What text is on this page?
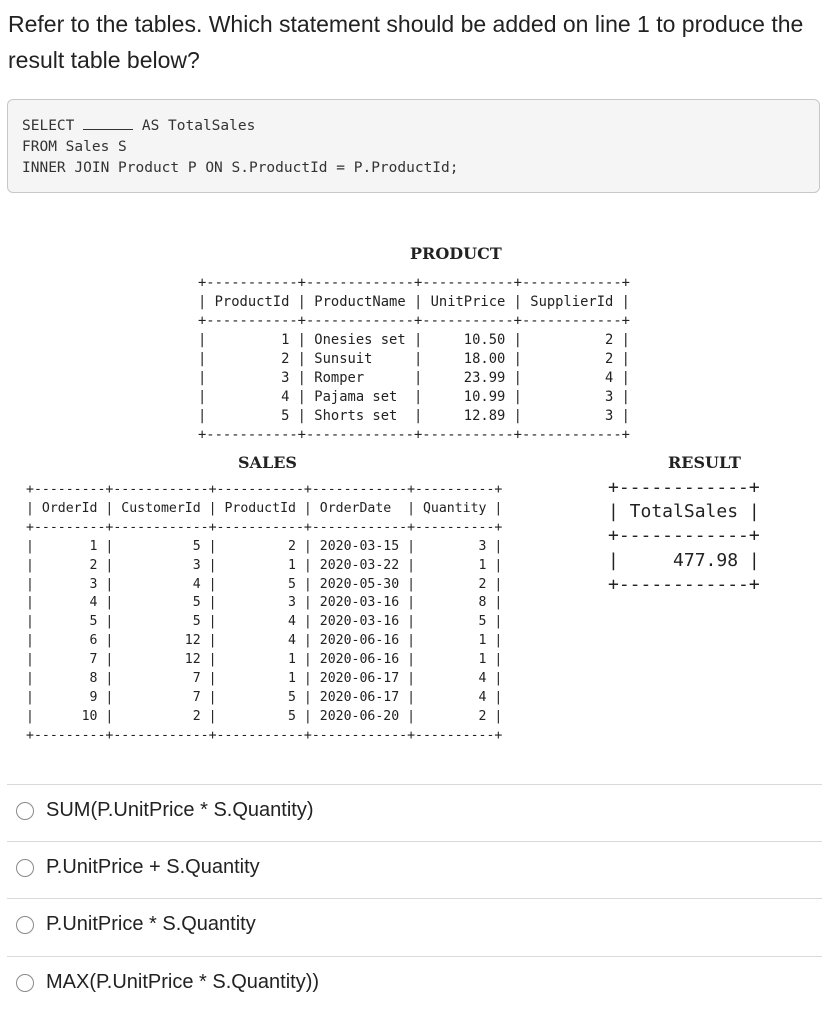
Refer to the tables. Which statement should be added on line 1 to produce the result table below?
SELECT	AS TotalSales
FROM Sales S
INNER JOIN Product P ON S.ProductId = P.ProductId;
PRODUCT
+-----------+-------------+-----------+------------+
| ProductId | ProductName | UnitPrice | SupplierId |
+-----------+-------------+-----------+------------+
|         1 | Onesies set |     10.50 |          2 |
|         2 | Sunsuit     |     18.00 |          2 |
|         3 | Romper      |     23.99 |          4 |
|         4 | Pajama set  |     10.99 |          3 |
|         5 | Shorts set  |     12.89 |          3 |
+-----------+-------------+-----------+------------+
SALES
+---------+------------+-----------+------------+----------+
| OrderId | CustomerId | ProductId | OrderDate  | Quantity |
+---------+------------+-----------+------------+----------+
|       1 |          5 |         2 | 2020-03-15 |        3 |
|       2 |          3 |         1 | 2020-03-22 |        1 |
|       3 |          4 |         5 | 2020-05-30 |        2 |
|       4 |          5 |         3 | 2020-03-16 |        8 |
|       5 |          5 |         4 | 2020-03-16 |        5 |
|       6 |         12 |         4 | 2020-06-16 |        1 |
|       7 |         12 |         1 | 2020-06-16 |        1 |
|       8 |          7 |         1 | 2020-06-17 |        4 |
|       9 |          7 |         5 | 2020-06-17 |        4 |
|      10 |          2 |         5 | 2020-06-20 |        2 |
+---------+------------+-----------+------------+----------+
RESULT
+------------+
| TotalSales |
+------------+
|     477.98 |
+------------+
SUM(P.UnitPrice * S.Quantity)
P.UnitPrice + S.Quantity
P.UnitPrice * S.Quantity
MAX(P.UnitPrice * S.Quantity))
